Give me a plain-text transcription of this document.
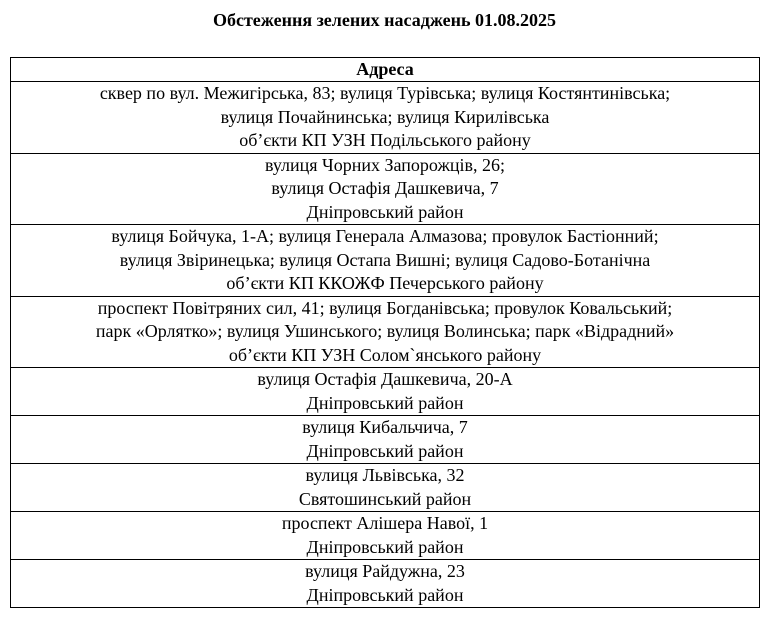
Обстеження зелених насаджень 01.08.2025
Адреса

сквер по вул. Межигірська, 83; вулиця Турівська; вулиця Костянтинівська;
вулиця Почайнинська; вулиця Кирилівська
об’єкти КП УЗН Подільського району

вулиця Чорних Запорожців, 26;
вулиця Остафія Дашкевича, 7
Дніпровський район

вулиця Бойчука, 1-А; вулиця Генерала Алмазова; провулок Бастіонний;
вулиця Звіринецька; вулиця Остапа Вишні; вулиця Садово-Ботанічна
об’єкти КП ККОЖФ Печерського району

проспект Повітряних сил, 41; вулиця Богданівська; провулок Ковальський;
парк «Орлятко»; вулиця Ушинського; вулиця Волинська; парк «Відрадний»
об’єкти КП УЗН Солом`янського району

вулиця Остафія Дашкевича, 20-А
Дніпровський район

вулиця Кибальчича, 7
Дніпровський район

вулиця Львівська, 32
Святошинський район

проспект Алішера Навої, 1
Дніпровський район

вулиця Райдужна, 23
Дніпровський район
